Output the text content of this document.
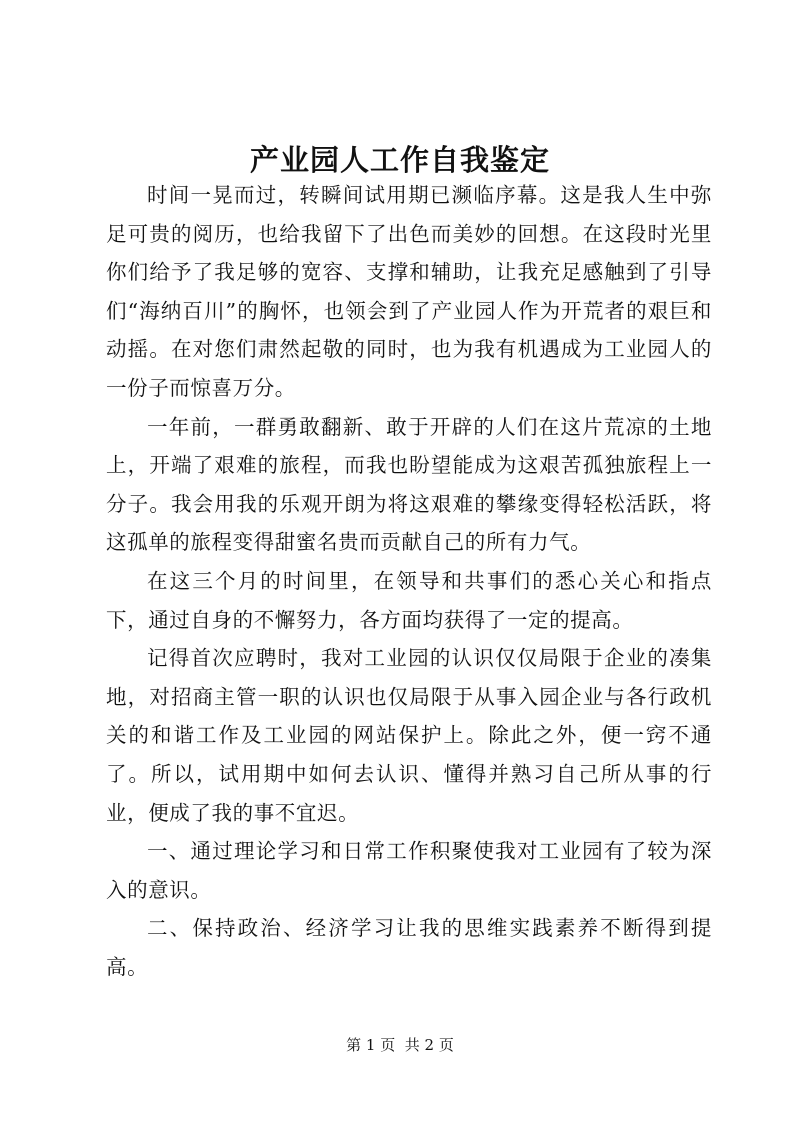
产业园人工作自我鉴定

时间一晃而过，转瞬间试用期已濒临序幕。这是我人生中弥足可贵的阅历，也给我留下了出色而美妙的回想。在这段时光里你们给予了我足够的宽容、支撑和辅助，让我充足感触到了引导们“海纳百川”的胸怀，也领会到了产业园人作为开荒者的艰巨和动摇。在对您们肃然起敬的同时，也为我有机遇成为工业园人的一份子而惊喜万分。

一年前，一群勇敢翻新、敢于开辟的人们在这片荒凉的土地上，开端了艰难的旅程，而我也盼望能成为这艰苦孤独旅程上一分子。我会用我的乐观开朗为将这艰难的攀缘变得轻松活跃，将这孤单的旅程变得甜蜜名贵而贡献自己的所有力气。

在这三个月的时间里，在领导和共事们的悉心关心和指点下，通过自身的不懈努力，各方面均获得了一定的提高。

记得首次应聘时，我对工业园的认识仅仅局限于企业的凑集地，对招商主管一职的认识也仅局限于从事入园企业与各行政机关的和谐工作及工业园的网站保护上。除此之外，便一窍不通了。所以，试用期中如何去认识、懂得并熟习自己所从事的行业，便成了我的事不宜迟。

一、通过理论学习和日常工作积聚使我对工业园有了较为深入的意识。

二、保持政治、经济学习让我的思维实践素养不断得到提高。

第 1 页  共 2 页
